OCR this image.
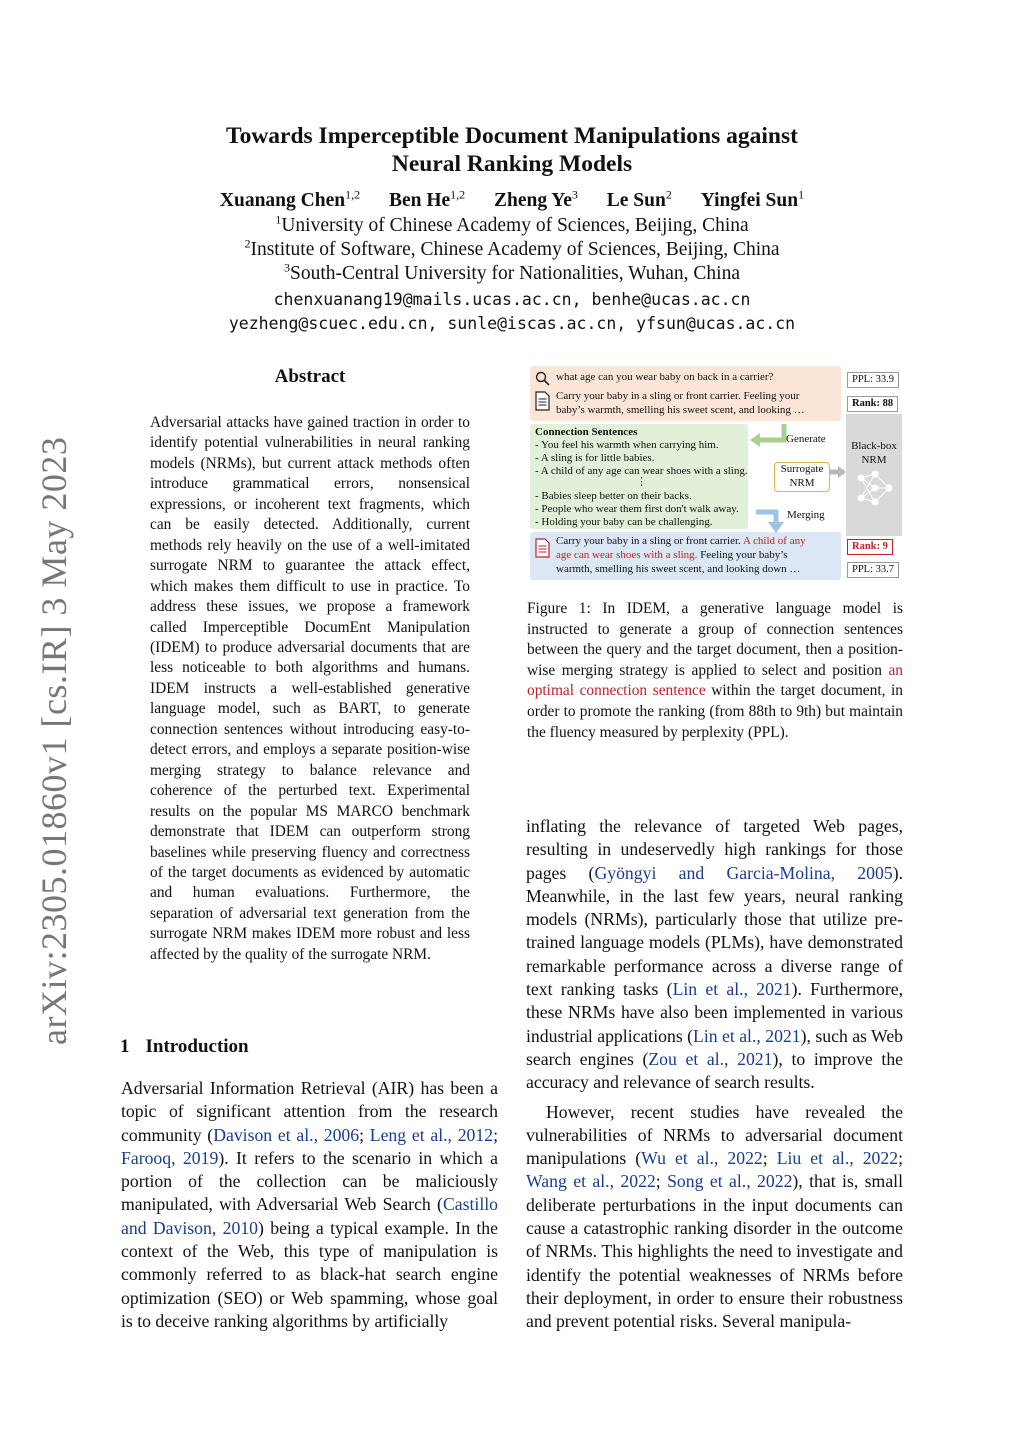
Towards Imperceptible Document Manipulations against
Neural Ranking Models
Xuanang Chen$^{1,2}$ Ben He$^{1,2}$ Zheng Ye$^3$ Le Sun$^2$ Yingfei Sun$^1$
$^1$University of Chinese Academy of Sciences, Beijing, China
$^2$Institute of Software, Chinese Academy of Sciences, Beijing, China
$^3$South-Central University for Nationalities, Wuhan, China
chenxuanang19@mails.ucas.ac.cn, benhe@ucas.ac.cn
yezheng@scuec.edu.cn, sunle@iscas.ac.cn, yfsun@ucas.ac.cn
arXiv:2305.01860v1 [cs.IR] 3 May 2023
Abstract
Adversarial attacks have gained traction in order to identify potential vulnerabilities in neural ranking models (NRMs), but current attack methods often introduce grammatical errors, nonsensical expressions, or incoherent text fragments, which can be easily detected. Additionally, current methods rely heavily on the use of a well-imitated surrogate NRM to guarantee the attack effect, which makes them difficult to use in practice. To address these issues, we propose a framework called Imperceptible DocumEnt Manipulation (IDEM) to produce adversarial documents that are less noticeable to both algorithms and humans. IDEM instructs a well-established generative language model, such as BART, to generate connection sentences without introducing easy-to-detect errors, and employs a separate position-wise merging strategy to balance relevance and coherence of the perturbed text. Experimental results on the popular MS MARCO benchmark demonstrate that IDEM can outperform strong baselines while preserving fluency and correctness of the target documents as evidenced by automatic and human evaluations. Furthermore, the separation of adversarial text generation from the surrogate NRM makes IDEM more robust and less affected by the quality of the surrogate NRM.
1 Introduction

Adversarial Information Retrieval (AIR) has been a topic of significant attention from the research community (Davison et al., 2006; Leng et al., 2012; Farooq, 2019). It refers to the scenario in which a portion of the collection can be maliciously manipulated, with Adversarial Web Search (Castillo and Davison, 2010) being a typical example. In the context of the Web, this type of manipulation is commonly referred to as black-hat search engine optimization (SEO) or Web spamming, whose goal is to deceive ranking algorithms by artificially

inflating the relevance of targeted Web pages, resulting in undeservedly high rankings for those pages (Gyöngyi and Garcia-Molina, 2005). Meanwhile, in the last few years, neural ranking models (NRMs), particularly those that utilize pre-trained language models (PLMs), have demonstrated remarkable performance across a diverse range of text ranking tasks (Lin et al., 2021). Furthermore, these NRMs have also been implemented in various industrial applications (Lin et al., 2021), such as Web search engines (Zou et al., 2021), to improve the accuracy and relevance of search results.

However, recent studies have revealed the vulnerabilities of NRMs to adversarial document manipulations (Wu et al., 2022; Liu et al., 2022; Wang et al., 2022; Song et al., 2022), that is, small deliberate perturbations in the input documents can cause a catastrophic ranking disorder in the outcome of NRMs. This highlights the need to investigate and identify the potential weaknesses of NRMs before their deployment, in order to ensure their robustness and prevent potential risks. Several manipula-

what age can you wear baby on back in a carrier?
Carry your baby in a sling or front carrier. Feeling your
baby’s warmth, smelling his sweet scent, and looking …
PPL: 33.9
Rank: 88
Connection Sentences
- You feel his warmth when carrying him.
- A sling is for little babies.
- A child of any age can wear shoes with a sling.
⋮
- Babies sleep better on their backs.
- People who wear them first don't walk away.
- Holding your baby can be challenging.
Generate
Surrogate
NRM
Merging
Black-box
NRM
Carry your baby in a sling or front carrier. A child of any
age can wear shoes with a sling. Feeling your baby’s
warmth, smelling his sweet scent, and looking down …
Rank: 9
PPL: 33.7
Figure 1: In IDEM, a generative language model is instructed to generate a group of connection sentences between the query and the target document, then a position-wise merging strategy is applied to select and position an optimal connection sentence within the target document, in order to promote the ranking (from 88th to 9th) but maintain the fluency measured by perplexity (PPL).
